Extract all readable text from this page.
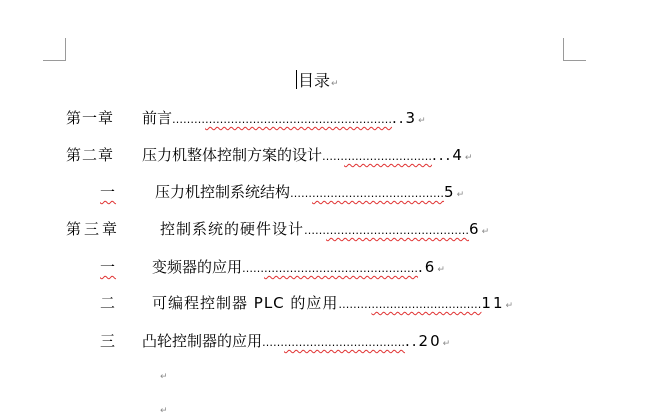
目录↵
第一章 前言……………………………………………………..3↵
第二章 压力机整体控制方案的设计…………………………...4↵
一	压力机控制系统结构……………………………………5↵
第三章	控制系统的硬件设计………………………………………6↵
一 变频器的应用………………………………………….6↵
二 可编程控制器 PLC 的应用…………………………………11↵
三 凸轮控制器的应用…………………………………..20↵
↵
↵
